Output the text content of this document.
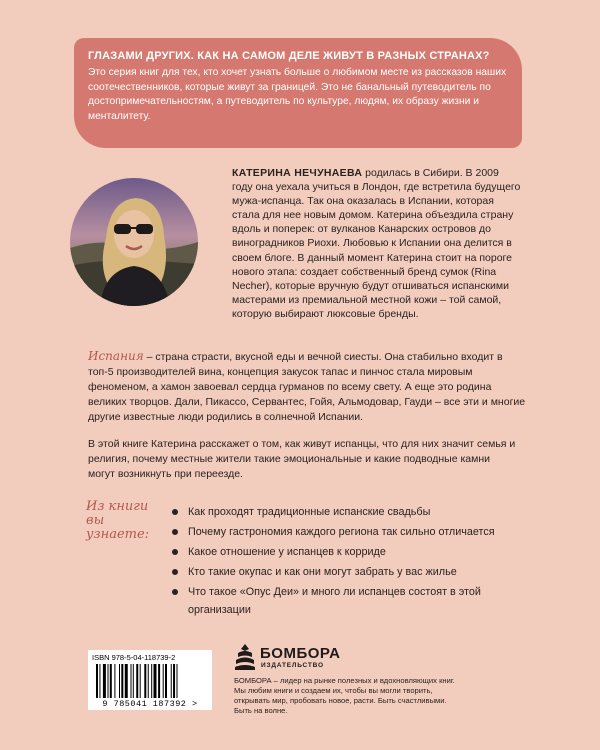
ГЛАЗАМИ ДРУГИХ. КАК НА САМОМ ДЕЛЕ ЖИВУТ В РАЗНЫХ СТРАНАХ?

Это серия книг для тех, кто хочет узнать больше о любимом месте из рассказов наших соотечественников, которые живут за границей. Это не банальный путеводитель по достопримечательностям, а путеводитель по культуре, людям, их образу жизни и менталитету.

КАТЕРИНА НЕЧУНАЕВА родилась в Сибири. В 2009 году она уехала учиться в Лондон, где встретила будущего мужа-испанца. Так она оказалась в Испании, которая стала для нее новым домом. Катерина объездила страну вдоль и поперек: от вулканов Канарских островов до виноградников Риохи. Любовью к Испании она делится в своем блоге. В данный момент Катерина стоит на пороге нового этапа: создает собственный бренд сумок (Rina Necher), которые вручную будут отшиваться испанскими мастерами из премиальной местной кожи – той самой, которую выбирают люксовые бренды.
Испания – страна страсти, вкусной еды и вечной сиесты. Она стабильно входит в топ-5 производителей вина, концепция закусок тапас и пинчос стала мировым феноменом, а хамон завоевал сердца гурманов по всему свету. А еще это родина великих творцов. Дали, Пикассо, Сервантес, Гойя, Альмодовар, Гауди – все эти и многие другие известные люди родились в солнечной Испании.
В этой книге Катерина расскажет о том, как живут испанцы, что для них значит семья и религия, почему местные жители такие эмоциональные и какие подводные камни могут возникнуть при переезде.
Из книги вы узнаете:
Как проходят традиционные испанские свадьбы
Почему гастрономия каждого региона так сильно отличается
Какое отношение у испанцев к корриде
Кто такие окупас и как они могут забрать у вас жилье
Что такое «Опус Деи» и много ли испанцев состоят в этой организации
ISBN 978-5-04-118739-2
9 785041 187392 >
БОМБОРА
ИЗДАТЕЛЬСТВО
БОМБОРА – лидер на рынке полезных и вдохновляющих книг. Мы любим книги и создаем их, чтобы вы могли творить, открывать мир, пробовать новое, расти. Быть счастливыми. Быть на волне.
